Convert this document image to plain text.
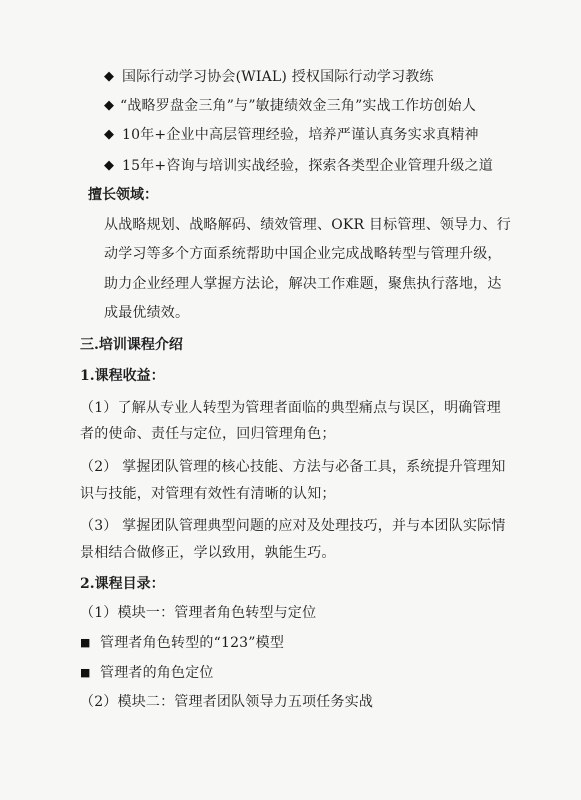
◆ 国际行动学习协会(WIAL) 授权国际行动学习教练
◆ “战略罗盘金三角”与”敏捷绩效金三角”实战工作坊创始人
◆ 10年+企业中高层管理经验，培养严谨认真务实求真精神
◆ 15年+咨询与培训实战经验，探索各类型企业管理升级之道
擅长领域：
从战略规划、战略解码、绩效管理、OKR 目标管理、领导力、行
动学习等多个方面系统帮助中国企业完成战略转型与管理升级，
助力企业经理人掌握方法论，解决工作难题，聚焦执行落地，达
成最优绩效。
三.培训课程介绍
1.课程收益：
（1）了解从专业人转型为管理者面临的典型痛点与误区，明确管理
者的使命、责任与定位，回归管理角色；
（2） 掌握团队管理的核心技能、方法与必备工具，系统提升管理知
识与技能，对管理有效性有清晰的认知；
（3） 掌握团队管理典型问题的应对及处理技巧，并与本团队实际情
景相结合做修正，学以致用，孰能生巧。
2.课程目录：
（1）模块一：管理者角色转型与定位
■ 管理者角色转型的“123”模型
■ 管理者的角色定位
（2）模块二：管理者团队领导力五项任务实战
